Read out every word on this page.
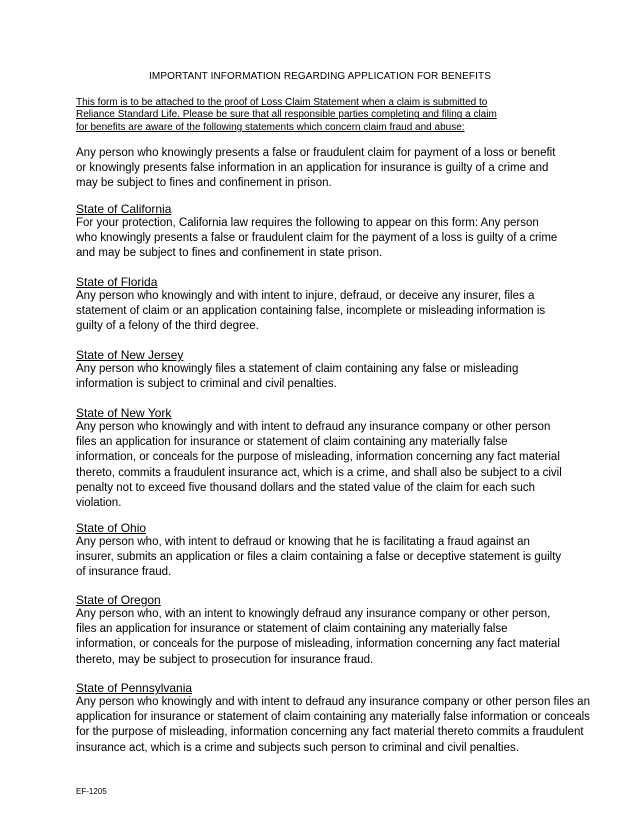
IMPORTANT INFORMATION REGARDING APPLICATION FOR BENEFITS
This form is to be attached to the proof of Loss Claim Statement when a claim is submitted to
Reliance Standard Life. Please be sure that all responsible parties completing and filing a claim
for benefits are aware of the following statements which concern claim fraud and abuse:
Any person who knowingly presents a false or fraudulent claim for payment of a loss or benefit
or knowingly presents false information in an application for insurance is guilty of a crime and
may be subject to fines and confinement in prison.
State of California
For your protection, California law requires the following to appear on this form: Any person
who knowingly presents a false or fraudulent claim for the payment of a loss is guilty of a crime
and may be subject to fines and confinement in state prison.
State of Florida
Any person who knowingly and with intent to injure, defraud, or deceive any insurer, files a
statement of claim or an application containing false, incomplete or misleading information is
guilty of a felony of the third degree.
State of New Jersey
Any person who knowingly files a statement of claim containing any false or misleading
information is subject to criminal and civil penalties.
State of New York
Any person who knowingly and with intent to defraud any insurance company or other person
files an application for insurance or statement of claim containing any materially false
information, or conceals for the purpose of misleading, information concerning any fact material
thereto, commits a fraudulent insurance act, which is a crime, and shall also be subject to a civil
penalty not to exceed five thousand dollars and the stated value of the claim for each such
violation.
State of Ohio
Any person who, with intent to defraud or knowing that he is facilitating a fraud against an
insurer, submits an application or files a claim containing a false or deceptive statement is guilty
of insurance fraud.
State of Oregon
Any person who, with an intent to knowingly defraud any insurance company or other person,
files an application for insurance or statement of claim containing any materially false
information, or conceals for the purpose of misleading, information concerning any fact material
thereto, may be subject to prosecution for insurance fraud.
State of Pennsylvania
Any person who knowingly and with intent to defraud any insurance company or other person files an
application for insurance or statement of claim containing any materially false information or conceals
for the purpose of misleading, information concerning any fact material thereto commits a fraudulent
insurance act, which is a crime and subjects such person to criminal and civil penalties.
EF-1205
